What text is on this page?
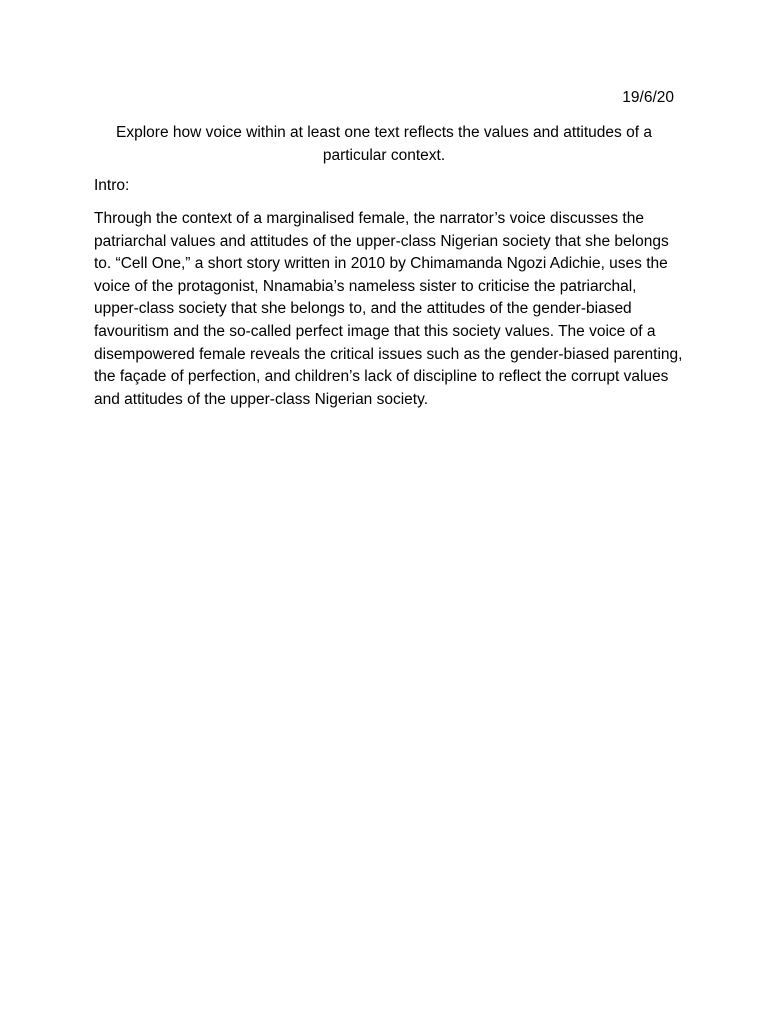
19/6/20
Explore how voice within at least one text reflects the values and attitudes of a particular context.
Intro:
Through the context of a marginalised female, the narrator’s voice discusses the patriarchal values and attitudes of the upper-class Nigerian society that she belongs to. “Cell One,” a short story written in 2010 by Chimamanda Ngozi Adichie, uses the voice of the protagonist, Nnamabia’s nameless sister to criticise the patriarchal, upper-class society that she belongs to, and the attitudes of the gender-biased favouritism and the so-called perfect image that this society values. The voice of a disempowered female reveals the critical issues such as the gender-biased parenting, the façade of perfection, and children’s lack of discipline to reflect the corrupt values and attitudes of the upper-class Nigerian society.
